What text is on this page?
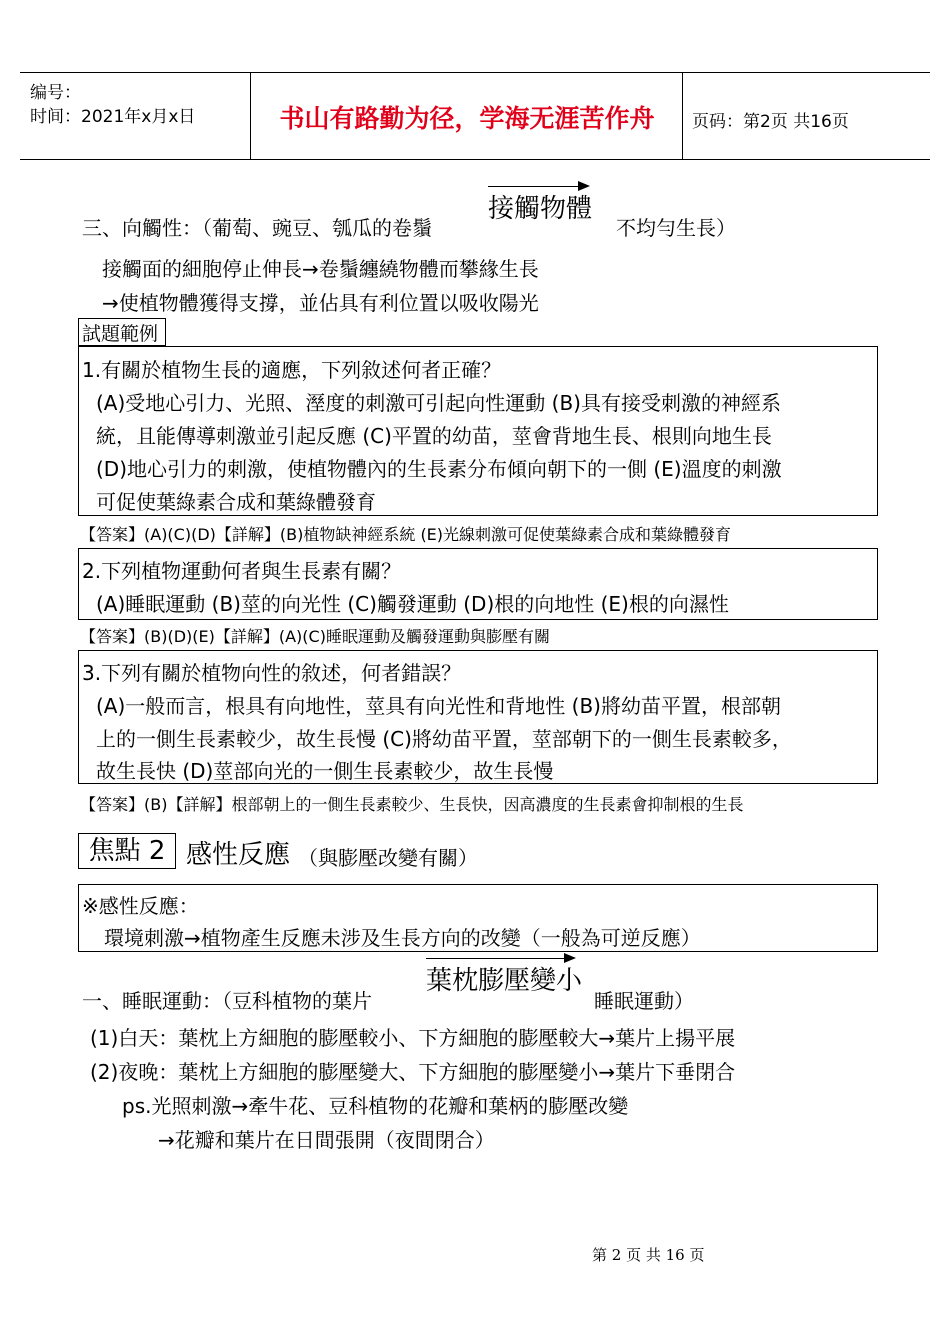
编号：
时间：2021年x月x日	书山有路勤为径，学海无涯苦作舟	页码：第2页 共16页
三、向觸性：（葡萄、豌豆、瓠瓜的卷鬚
接觸物體
不均勻生長）
接觸面的細胞停止伸長→卷鬚纏繞物體而攀緣生長
→使植物體獲得支撐，並佔具有利位置以吸收陽光
試題範例
1.有關於植物生長的適應，下列敘述何者正確？
(A)受地心引力、光照、溼度的刺激可引起向性運動 (B)具有接受刺激的神經系
統，且能傳導刺激並引起反應 (C)平置的幼苗，莖會背地生長、根則向地生長
(D)地心引力的刺激，使植物體內的生長素分布傾向朝下的一側 (E)溫度的刺激
可促使葉綠素合成和葉綠體發育
【答案】(A)(C)(D)【詳解】(B)植物缺神經系統 (E)光線刺激可促使葉綠素合成和葉綠體發育
2.下列植物運動何者與生長素有關？
(A)睡眠運動 (B)莖的向光性 (C)觸發運動 (D)根的向地性 (E)根的向濕性
【答案】(B)(D)(E)【詳解】(A)(C)睡眠運動及觸發運動與膨壓有關
3.下列有關於植物向性的敘述，何者錯誤？
(A)一般而言，根具有向地性，莖具有向光性和背地性 (B)將幼苗平置，根部朝
上的一側生長素較少，故生長慢 (C)將幼苗平置，莖部朝下的一側生長素較多，
故生長快 (D)莖部向光的一側生長素較少，故生長慢
【答案】(B)【詳解】根部朝上的一側生長素較少、生長快，因高濃度的生長素會抑制根的生長
焦點 2 感性反應 （與膨壓改變有關）
※感性反應：
環境刺激→植物產生反應未涉及生長方向的改變（一般為可逆反應）
一、睡眠運動：（豆科植物的葉片
葉枕膨壓變小
睡眠運動）
(1)白天：葉枕上方細胞的膨壓較小、下方細胞的膨壓較大→葉片上揚平展
(2)夜晚：葉枕上方細胞的膨壓變大、下方細胞的膨壓變小→葉片下垂閉合
ps.光照刺激→牽牛花、豆科植物的花瓣和葉柄的膨壓改變
→花瓣和葉片在日間張開（夜間閉合）
第 2 页 共 16 页
